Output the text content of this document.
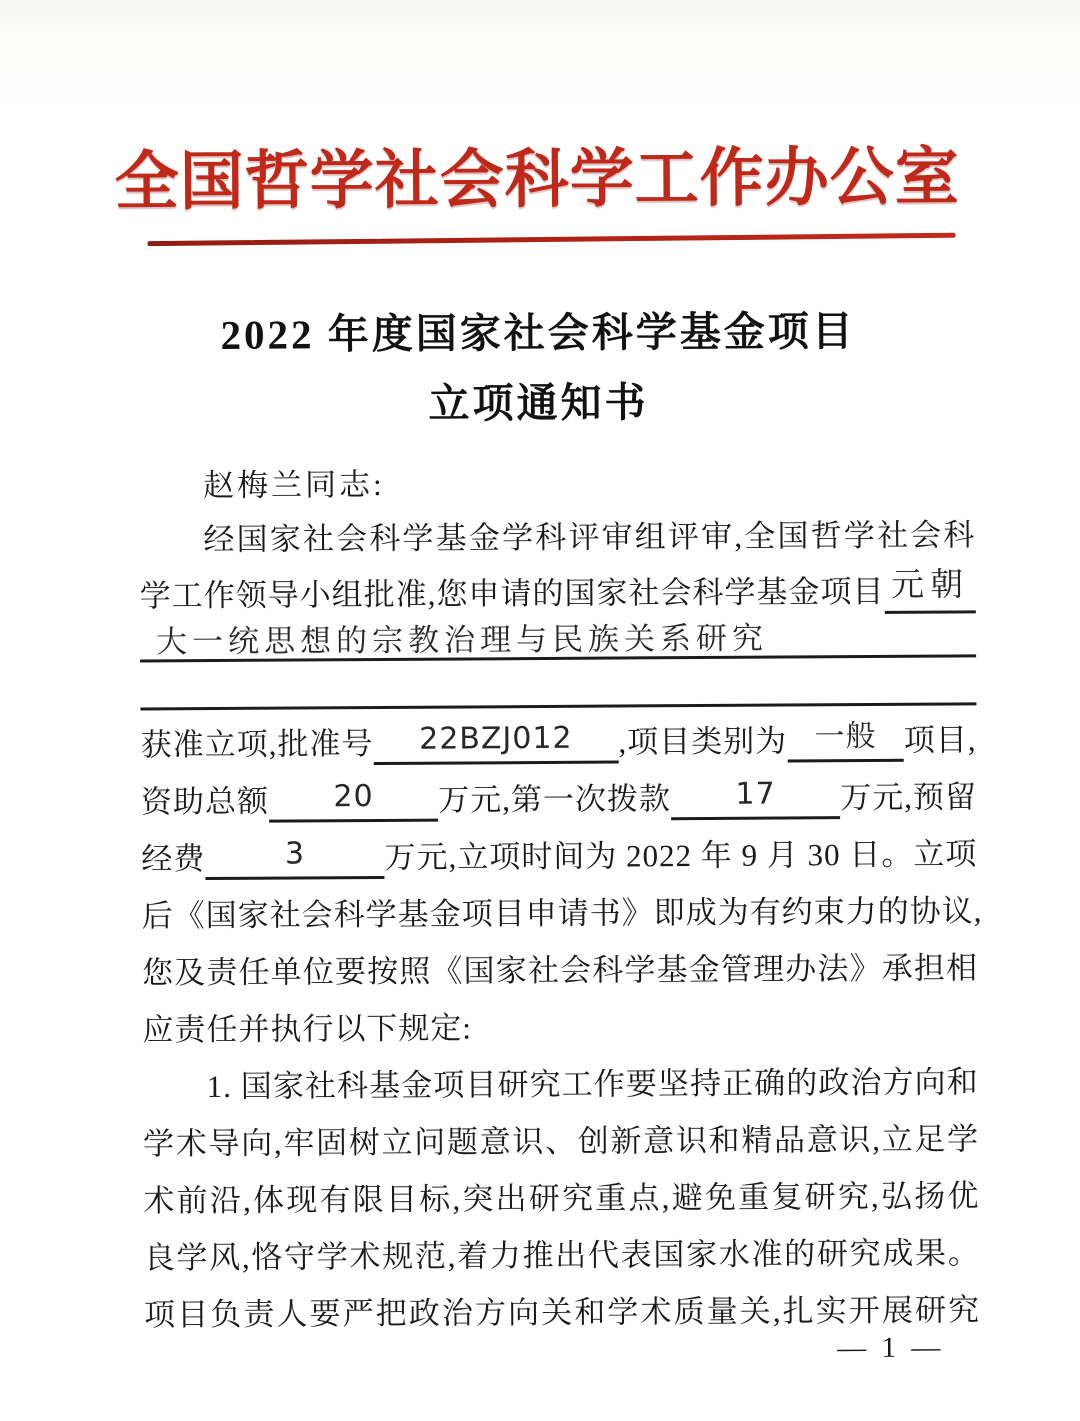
全国哲学社会科学工作办公室
2022 年度国家社会科学基金项目
立项通知书
赵梅兰同志:
经国家社会科学基金学科评审组评审,全国哲学社会科
学工作领导小组批准,您申请的国家社会科学基金项目 元朝
大一统思想的宗教治理与民族关系研究
获准立项,批准号 22BZJ012 ,项目类别为 一般 项目,
资助总额 20 万元,第一次拨款 17 万元,预留
经费	3	万元,立项时间为 2022 年 9 月 30 日。立项
后《国家社会科学基金项目申请书》即成为有约束力的协议,
您及责任单位要按照《国家社会科学基金管理办法》承担相
应责任并执行以下规定:
1. 国家社科基金项目研究工作要坚持正确的政治方向和
学术导向,牢固树立问题意识、创新意识和精品意识,立足学
术前沿,体现有限目标,突出研究重点,避免重复研究,弘扬优
良学风,恪守学术规范,着力推出代表国家水准的研究成果。
项目负责人要严把政治方向关和学术质量关,扎实开展研究
— 1 —
